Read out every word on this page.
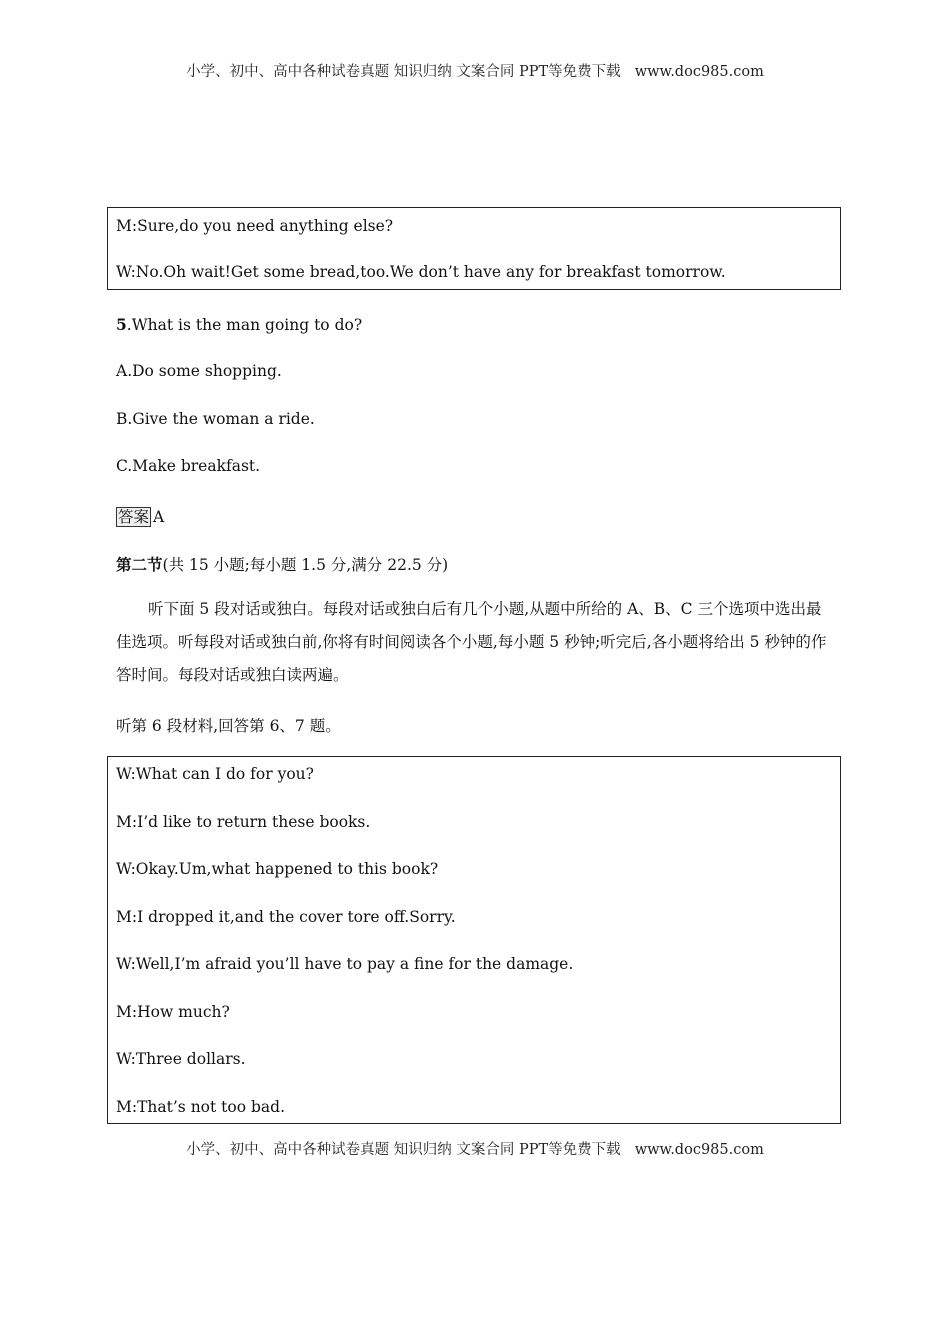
小学、初中、高中各种试卷真题 知识归纳 文案合同 PPT等免费下载 www.doc985.com
M:Sure,do you need anything else?
W:No.Oh wait!Get some bread,too.We don’t have any for breakfast tomorrow.
5.What is the man going to do?
A.Do some shopping.
B.Give the woman a ride.
C.Make breakfast.
答案 A
第二节(共 15 小题;每小题 1.5 分,满分 22.5 分)
听下面 5 段对话或独白。每段对话或独白后有几个小题,从题中所给的 A、B、C 三个选项中选出最佳选项。听每段对话或独白前,你将有时间阅读各个小题,每小题 5 秒钟;听完后,各小题将给出 5 秒钟的作答时间。每段对话或独白读两遍。
听第 6 段材料,回答第 6、7 题。
W:What can I do for you?
M:I’d like to return these books.
W:Okay.Um,what happened to this book?
M:I dropped it,and the cover tore off.Sorry.
W:Well,I’m afraid you’ll have to pay a fine for the damage.
M:How much?
W:Three dollars.
M:That’s not too bad.
小学、初中、高中各种试卷真题 知识归纳 文案合同 PPT等免费下载 www.doc985.com
